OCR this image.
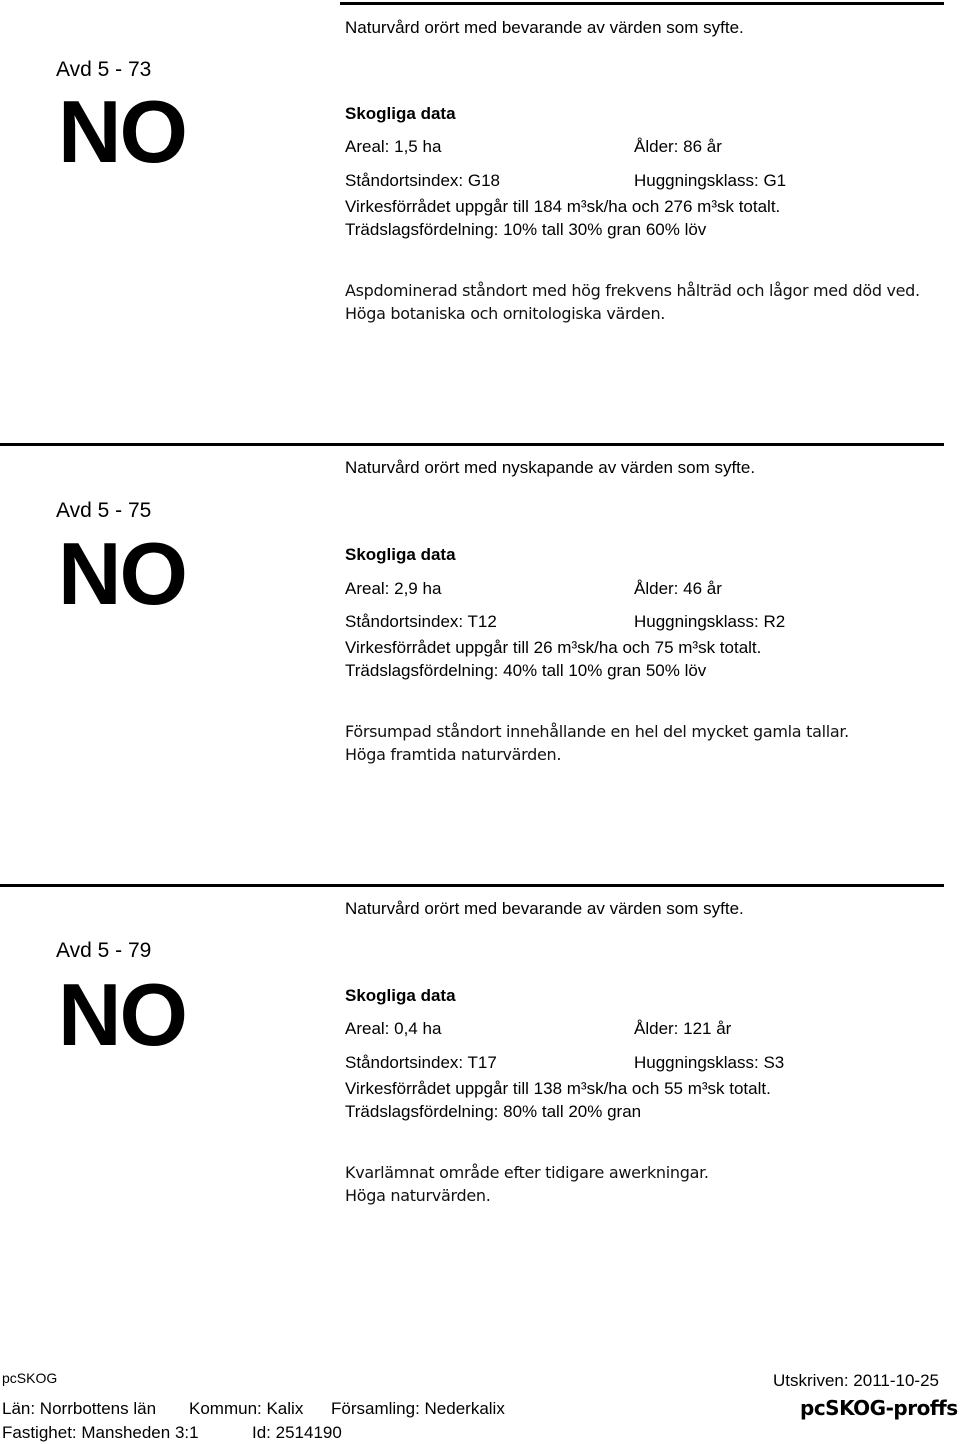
Naturvård orört med bevarande av värden som syfte.
Avd 5 - 73
NO	Skogliga data
Areal: 1,5 ha	Ålder: 86 år
Ståndortsindex: G18	Huggningsklass: G1
Virkesförrådet uppgår till 184 m³sk/ha och 276 m³sk totalt.
Trädslagsfördelning: 10% tall 30% gran 60% löv
Aspdominerad ståndort med hög frekvens hålträd och lågor med död ved.
Höga botaniska och ornitologiska värden.
Naturvård orört med nyskapande av värden som syfte.
Avd 5 - 75
NO	Skogliga data
Areal: 2,9 ha	Ålder: 46 år
Ståndortsindex: T12	Huggningsklass: R2
Virkesförrådet uppgår till 26 m³sk/ha och 75 m³sk totalt.
Trädslagsfördelning: 40% tall 10% gran 50% löv
Försumpad ståndort innehållande en hel del mycket gamla tallar.
Höga framtida naturvärden.
Naturvård orört med bevarande av värden som syfte.
Avd 5 - 79
NO	Skogliga data
Areal: 0,4 ha	Ålder: 121 år
Ståndortsindex: T17	Huggningsklass: S3
Virkesförrådet uppgår till 138 m³sk/ha och 55 m³sk totalt.
Trädslagsfördelning: 80% tall 20% gran
Kvarlämnat område efter tidigare awerkningar.
Höga naturvärden.
pcSKOG	Utskriven: 2011-10-25
Län: Norrbottens län Kommun: Kalix Församling: Nederkalix
Fastighet: Mansheden 3:1	Id: 2514190
pcSKOG-proffs
